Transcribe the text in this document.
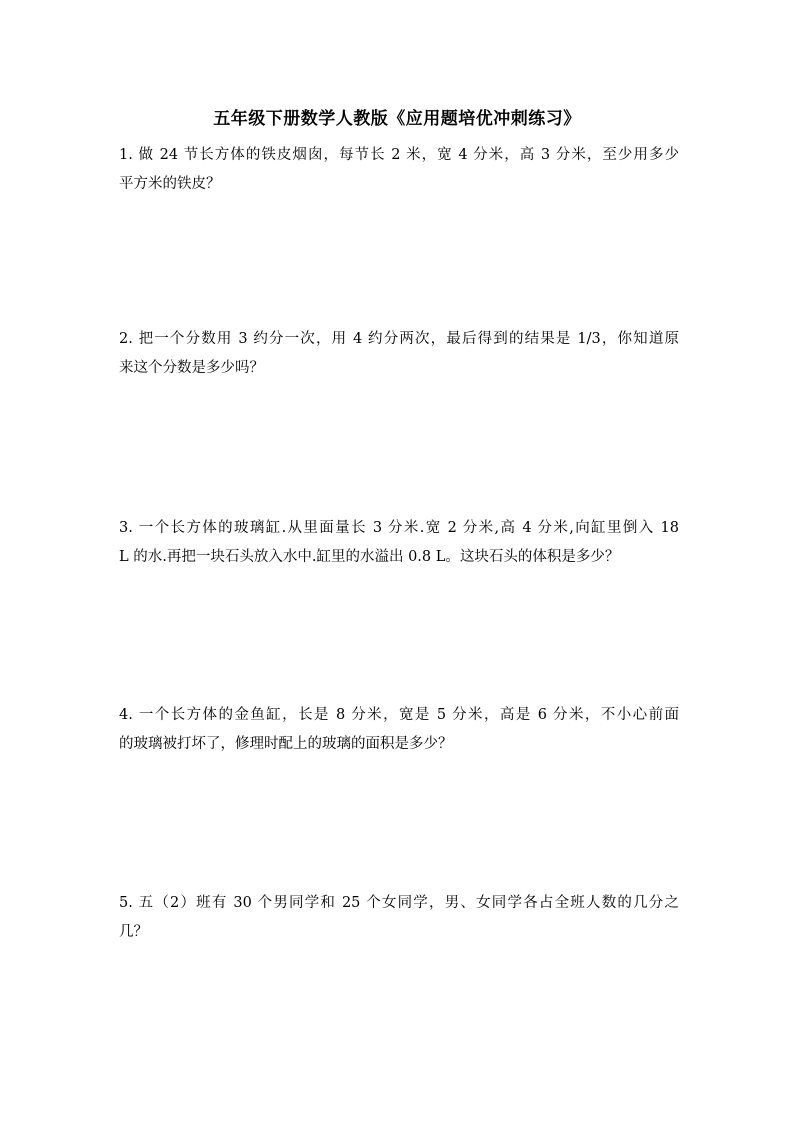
五年级下册数学人教版《应用题培优冲刺练习》
1. 做 24 节长方体的铁皮烟囱，每节长 2 米，宽 4 分米，高 3 分米，至少用多少
平方米的铁皮？
2. 把一个分数用 3 约分一次，用 4 约分两次，最后得到的结果是 1/3，你知道原
来这个分数是多少吗？
3. 一个长方体的玻璃缸.从里面量长 3 分米.宽 2 分米,高 4 分米,向缸里倒入 18
L 的水.再把一块石头放入水中.缸里的水溢出 0.8 L。这块石头的体积是多少？
4. 一个长方体的金鱼缸，长是 8 分米，宽是 5 分米，高是 6 分米，不小心前面
的玻璃被打坏了，修理时配上的玻璃的面积是多少？
5. 五（2）班有 30 个男同学和 25 个女同学，男、女同学各占全班人数的几分之
几？
